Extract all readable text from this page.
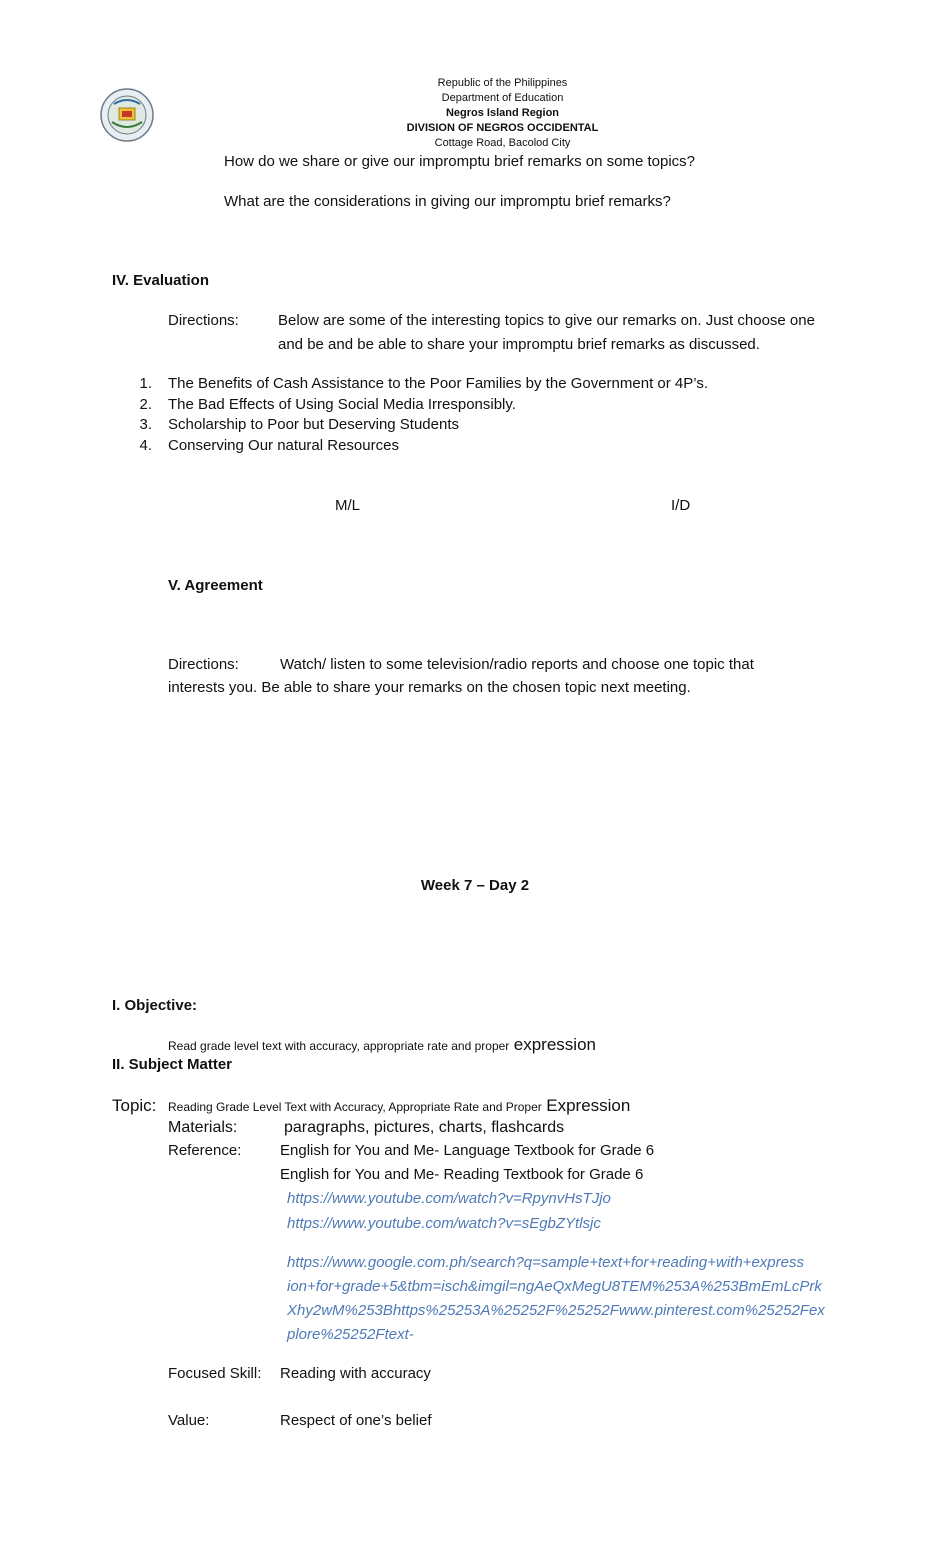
Republic of the Philippines
Department of Education
Negros Island Region
DIVISION OF NEGROS OCCIDENTAL
Cottage Road, Bacolod City
How do we share or give our impromptu brief remarks on some topics?
What are the considerations in giving our impromptu brief remarks?
IV. Evaluation
Directions:	Below are some of the interesting topics to give our remarks on. Just choose one
and be and be able to share your impromptu brief remarks as discussed.
1. The Benefits of Cash Assistance to the Poor Families by the Government or 4P’s.
2. The Bad Effects of Using Social Media Irresponsibly.
3. Scholarship to Poor but Deserving Students
4. Conserving Our natural Resources
M/L	I/D
V. Agreement
Directions:	Watch/ listen to some television/radio reports and choose one topic that
interests you. Be able to share your remarks on the chosen topic next meeting.
Week 7 – Day 2
I. Objective:
Read grade level text with accuracy, appropriate rate and proper expression
II. Subject Matter
Topic: Reading Grade Level Text with Accuracy, Appropriate Rate and Proper Expression
Materials:	paragraphs, pictures, charts, flashcards
Reference:	English for You and Me- Language Textbook for Grade 6
English for You and Me- Reading Textbook for Grade 6
https://www.youtube.com/watch?v=RpynvHsTJjo
https://www.youtube.com/watch?v=sEgbZYtlsjc
https://www.google.com.ph/search?q=sample+text+for+reading+with+express
ion+for+grade+5&tbm=isch&imgil=ngAeQxMegU8TEM%253A%253BmEmLcPrk
Xhy2wM%253Bhttps%25253A%25252F%25252Fwww.pinterest.com%25252Fex
plore%25252Ftext-
Focused Skill: Reading with accuracy
Value:	Respect of one’s belief
